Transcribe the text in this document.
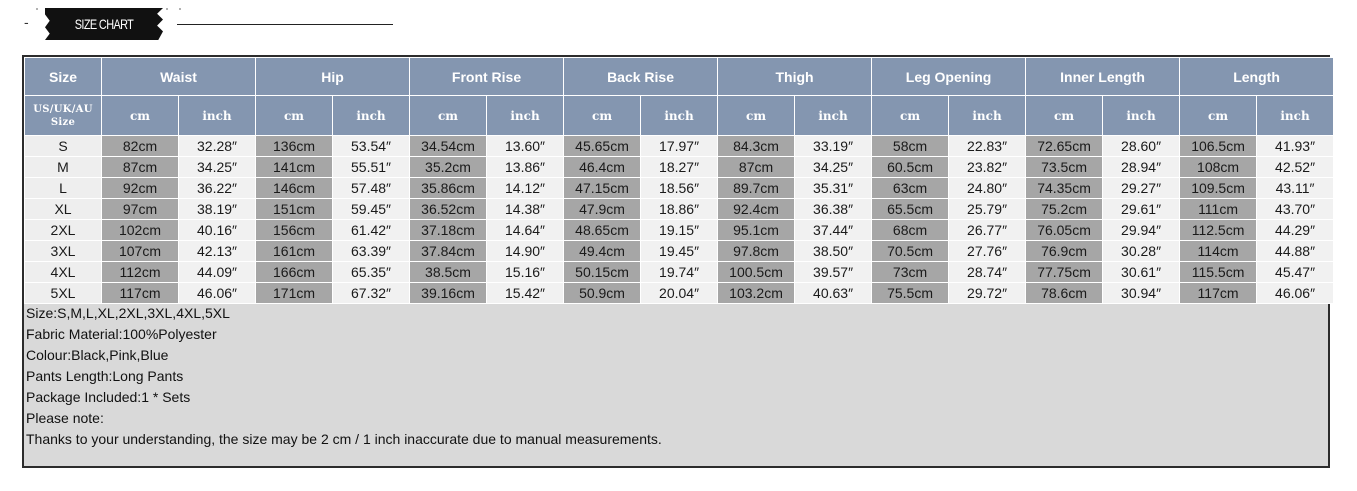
-	SIZE CHART
Size	Waist		Hip		Front Rise		Back Rise		Thigh		Leg Opening		Inner Length		Length	
US/UK/AU
Size	cm	inch	cm	inch	cm	inch	cm	inch	cm	inch	cm	inch	cm	inch	cm	inch
S	82cm	32.28″	136cm	53.54″	34.54cm	13.60″	45.65cm	17.97″	84.3cm	33.19″	58cm	22.83″	72.65cm	28.60″	106.5cm	41.93″
M	87cm	34.25″	141cm	55.51″	35.2cm	13.86″	46.4cm	18.27″	87cm	34.25″	60.5cm	23.82″	73.5cm	28.94″	108cm	42.52″
L	92cm	36.22″	146cm	57.48″	35.86cm	14.12″	47.15cm	18.56″	89.7cm	35.31″	63cm	24.80″	74.35cm	29.27″	109.5cm	43.11″
XL	97cm	38.19″	151cm	59.45″	36.52cm	14.38″	47.9cm	18.86″	92.4cm	36.38″	65.5cm	25.79″	75.2cm	29.61″	111cm	43.70″
2XL	102cm	40.16″	156cm	61.42″	37.18cm	14.64″	48.65cm	19.15″	95.1cm	37.44″	68cm	26.77″	76.05cm	29.94″	112.5cm	44.29″
3XL	107cm	42.13″	161cm	63.39″	37.84cm	14.90″	49.4cm	19.45″	97.8cm	38.50″	70.5cm	27.76″	76.9cm	30.28″	114cm	44.88″
4XL	112cm	44.09″	166cm	65.35″	38.5cm	15.16″	50.15cm	19.74″	100.5cm	39.57″	73cm	28.74″	77.75cm	30.61″	115.5cm	45.47″
5XL	117cm	46.06″	171cm	67.32″	39.16cm	15.42″	50.9cm	20.04″	103.2cm	40.63″	75.5cm	29.72″	78.6cm	30.94″	117cm	46.06″
Size:S,M,L,XL,2XL,3XL,4XL,5XL
Fabric Material:100%Polyester
Colour:Black,Pink,Blue
Pants Length:Long Pants
Package Included:1 * Sets
Please note:
Thanks to your understanding, the size may be 2 cm / 1 inch inaccurate due to manual measurements.
